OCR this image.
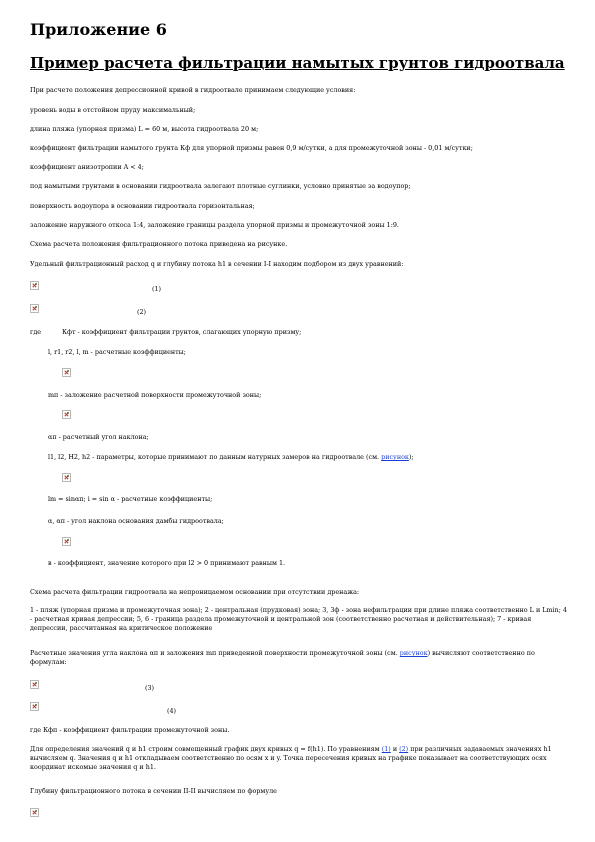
Приложение 6
Пример расчета фильтрации намытых грунтов гидроотвала
При расчете положения депрессионной кривой в гидроотвале принимаем следующие условия:
уровень воды в отстойном пруду максимальный;
длина пляжа (упорная призма) L = 60 м, высота гидроотвала 20 м;
коэффициент фильтрации намытого грунта Кф для упорной призмы равен 0,9 м/сутки, а для промежуточной зоны - 0,01 м/сутки;
коэффициент анизотропии A < 4;
под намытыми грунтами в основании гидроотвала залегают плотные суглинки, условно принятые за водоупор;
поверхность водоупора в основании гидроотвала горизонтальная;
заложение наружного откоса 1:4, заложение границы раздела упорной призмы и промежуточной зоны 1:9.
Схема расчета положения фильтрационного потока приведена на рисунке.
Удельный фильтрационный расход q и глубину потока h1 в сечении I-I находим подбором из двух уравнений:
(1)
(2)
где	Кфт - коэффициент фильтрации грунтов, слагающих упорную призму;
l, r1, r2, l, m - расчетные коэффициенты;
mп - заложение расчетной поверхности промежуточной зоны;
αп - расчетный угол наклона;
l1, l2, Н2, h2 - параметры, которые принимают по данным натурных замеров на гидроотвале (см. рисунок);
lm = sinαп; i = sin α - расчетные коэффициенты;
α, αп - угол наклона основания дамбы гидроотвала;
в - коэффициент, значение которого при l2 > 0 принимают равным 1.
Схема расчета фильтрации гидроотвала на непроницаемом основании при отсутствии дренажа:
1 - пляж (упорная призма и промежуточная зона); 2 - центральная (прудковая) зона; 3, 3ф - зона нефильтрации при длине пляжа соответственно L и Lmin; 4 - расчетная кривая депрессии; 5, 6 - граница раздела промежуточной и центральной зон (соответственно расчетная и действительная); 7 - кривая депрессии, рассчитанная на критическое положение
Расчетные значения угла наклона αп и заложения mп приведенной поверхности промежуточной зоны (см. рисунок) вычисляют соответственно по формулам:
(3)
(4)
где Кфп - коэффициент фильтрации промежуточной зоны.
Для определения значений q и h1 строим совмещенный график двух кривых q = f(h1). По уравнениям (1) и (2) при различных задаваемых значениях h1 вычисляем q. Значения q и h1 откладываем соответственно по осям x и y. Точка пересечения кривых на графике показывает на соответствующих осях координат искомые значения q и h1.
Глубину фильтрационного потока в сечении II-II вычисляем по формуле
